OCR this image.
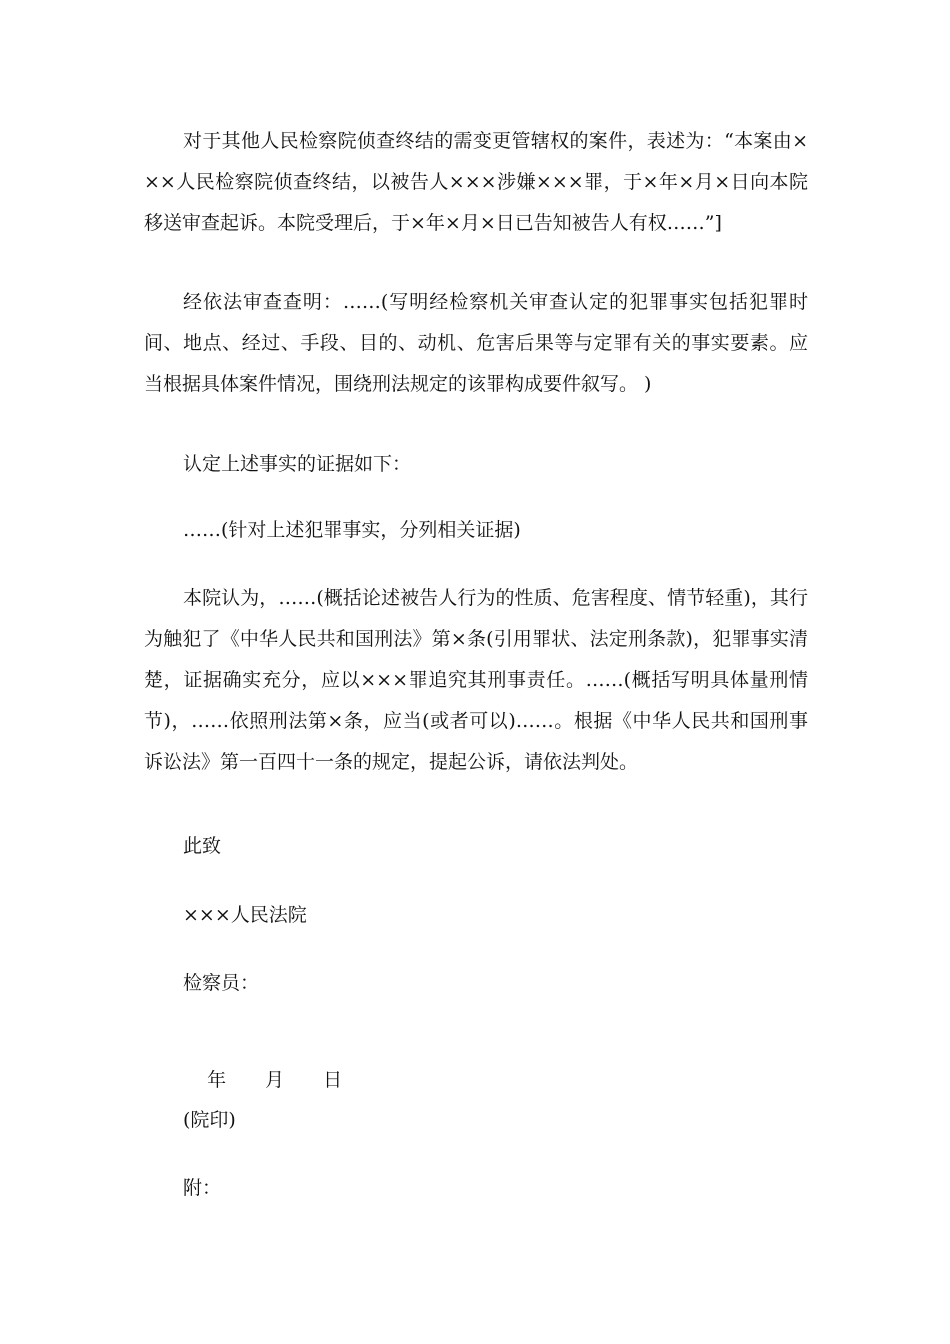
对于其他人民检察院侦查终结的需变更管辖权的案件，表述为：“本案由×××人民检察院侦查终结，以被告人×××涉嫌×××罪，于×年×月×日向本院移送审查起诉。本院受理后，于×年×月×日已告知被告人有权……”]

经依法审查查明：……(写明经检察机关审查认定的犯罪事实包括犯罪时间、地点、经过、手段、目的、动机、危害后果等与定罪有关的事实要素。应当根据具体案件情况，围绕刑法规定的该罪构成要件叙写。 )

认定上述事实的证据如下：

……(针对上述犯罪事实，分列相关证据)

本院认为，……(概括论述被告人行为的性质、危害程度、情节轻重)，其行为触犯了《中华人民共和国刑法》第×条(引用罪状、法定刑条款)，犯罪事实清楚，证据确实充分，应以×××罪追究其刑事责任。……(概括写明具体量刑情节)，……依照刑法第×条，应当(或者可以)……。根据《中华人民共和国刑事诉讼法》第一百四十一条的规定，提起公诉，请依法判处。

此致

×××人民法院

检察员：

年 月 日

(院印)

附：
